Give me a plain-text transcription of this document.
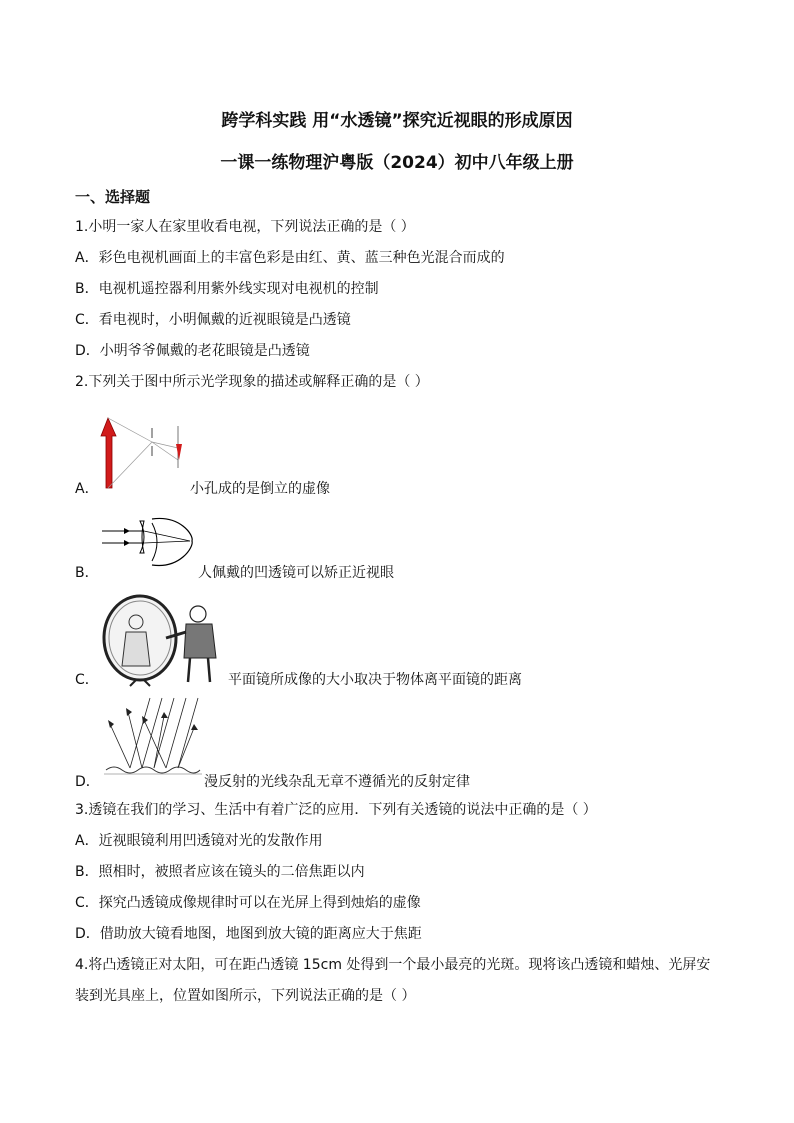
跨学科实践 用“水透镜”探究近视眼的形成原因
一课一练物理沪粤版（2024）初中八年级上册
一、选择题
1.小明一家人在家里收看电视，下列说法正确的是（ ）
A．彩色电视机画面上的丰富色彩是由红、黄、蓝三种色光混合而成的
B．电视机遥控器利用紫外线实现对电视机的控制
C．看电视时，小明佩戴的近视眼镜是凸透镜
D．小明爷爷佩戴的老花眼镜是凸透镜
2.下列关于图中所示光学现象的描述或解释正确的是（ ）
A．	小孔成的是倒立的虚像
B．	人佩戴的凹透镜可以矫正近视眼
C．	平面镜所成像的大小取决于物体离平面镜的距离
D．	漫反射的光线杂乱无章不遵循光的反射定律
3.透镜在我们的学习、生活中有着广泛的应用．下列有关透镜的说法中正确的是（ ）
A．近视眼镜利用凹透镜对光的发散作用
B．照相时，被照者应该在镜头的二倍焦距以内
C．探究凸透镜成像规律时可以在光屏上得到烛焰的虚像
D．借助放大镜看地图，地图到放大镜的距离应大于焦距
4.将凸透镜正对太阳，可在距凸透镜 15cm 处得到一个最小最亮的光斑。现将该凸透镜和蜡烛、光屏安
装到光具座上，位置如图所示，下列说法正确的是（ ）
